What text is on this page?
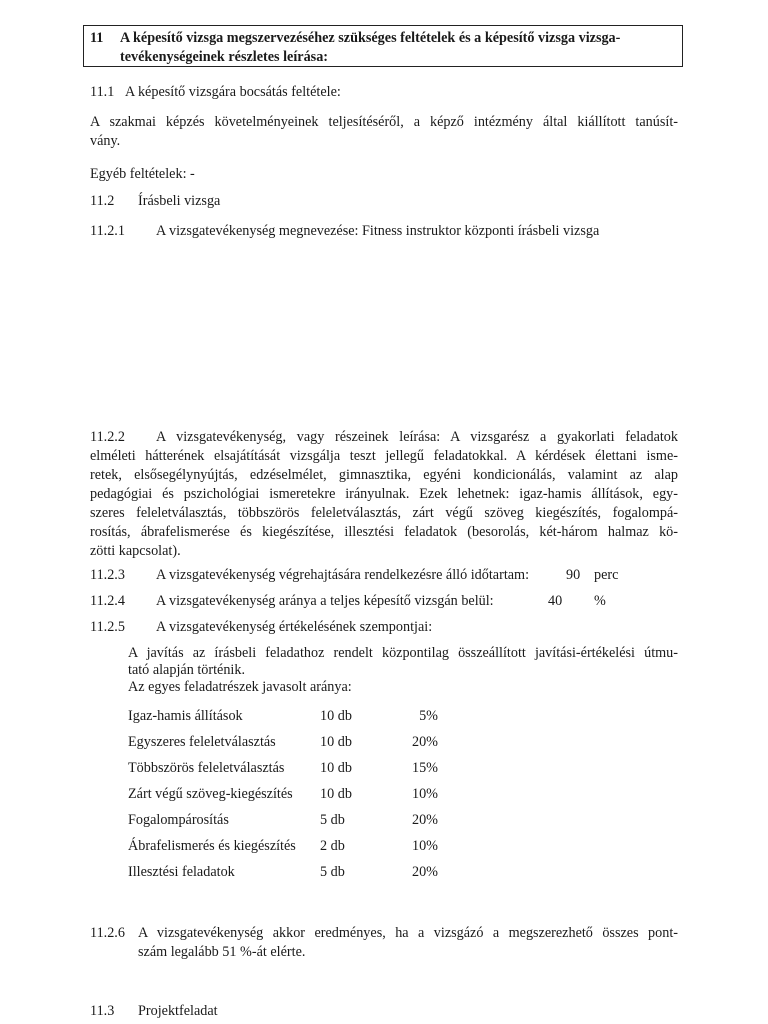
11 A képesítő vizsga megszervezéséhez szükséges feltételek és a képesítő vizsga vizsga-
tevékenységeinek részletes leírása:
11.1 A képesítő vizsgára bocsátás feltétele:
A szakmai képzés követelményeinek teljesítéséről, a képző intézmény által kiállított tanúsít-
vány.
Egyéb feltételek: -
11.2 Írásbeli vizsga
11.2.1 A vizsgatevékenység megnevezése: Fitness instruktor központi írásbeli vizsga
11.2.2 A vizsgatevékenység, vagy részeinek leírása: A vizsgarész a gyakorlati feladatok
elméleti hátterének elsajátítását vizsgálja teszt jellegű feladatokkal. A kérdések élettani isme-
retek, elsősegélynyújtás, edzéselmélet, gimnasztika, egyéni kondicionálás, valamint az alap
pedagógiai és pszichológiai ismeretekre irányulnak. Ezek lehetnek: igaz-hamis állítások, egy-
szeres feleletválasztás, többszörös feleletválasztás, zárt végű szöveg kiegészítés, fogalompá-
rosítás, ábrafelismerése és kiegészítése, illesztési feladatok (besorolás, két-három halmaz kö-
zötti kapcsolat).
11.2.3 A vizsgatevékenység végrehajtására rendelkezésre álló időtartam:	90 perc
11.2.4 A vizsgatevékenység aránya a teljes képesítő vizsgán belül:	40 %
11.2.5 A vizsgatevékenység értékelésének szempontjai:
A javítás az írásbeli feladathoz rendelt központilag összeállított javítási-értékelési útmu-
tató alapján történik.
Az egyes feladatrészek javasolt aránya:
Igaz-hamis állítások	10 db	5%
Egyszeres feleletválasztás	10 db	20%
Többszörös feleletválasztás	10 db	15%
Zárt végű szöveg-kiegészítés 10 db	10%
Fogalompárosítás	5 db	20%
Ábrafelismerés és kiegészítés 2 db	10%
Illesztési feladatok	5 db	20%
11.2.6 A vizsgatevékenység akkor eredményes, ha a vizsgázó a megszerezhető összes pont-
szám legalább 51 %-át elérte.
11.3 Projektfeladat
